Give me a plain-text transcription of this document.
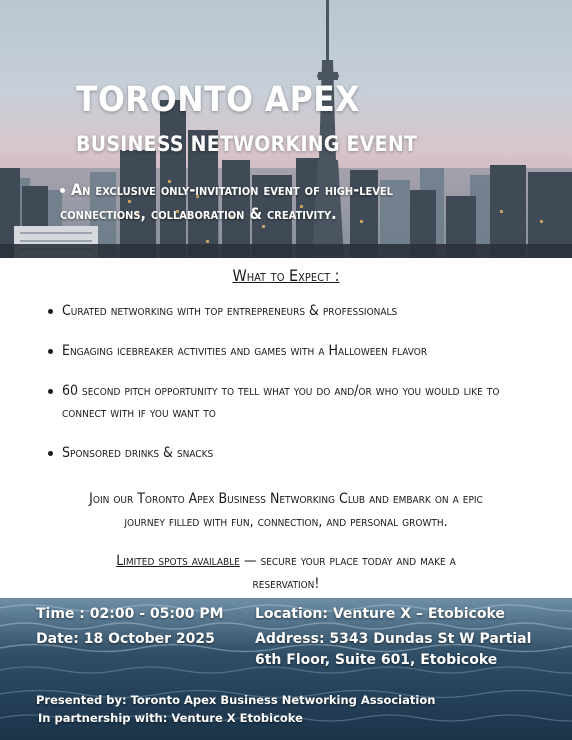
TORONTO APEX
BUSINESS NETWORKING EVENT

An exclusive only-invitation event of high-level
connections, collaboration & creativity.

What to Expect :
Curated networking with top entrepreneurs & professionals
Engaging icebreaker activities and games with a Halloween flavor
60 second pitch opportunity to tell what you do and/or who you would like to connect with if you want to
Sponsored drinks & snacks

Join our Toronto Apex Business Networking Club and embark on a epic
journey filled with fun, connection, and personal growth.

Limited spots available — secure your place today and make a
reservation!

Time : 02:00 - 05:00 PM

Date: 18 October 2025

Location: Venture X – Etobicoke

Address: 5343 Dundas St W Partial

6th Floor, Suite 601, Etobicoke

Presented by: Toronto Apex Business Networking Association

In partnership with: Venture X Etobicoke
